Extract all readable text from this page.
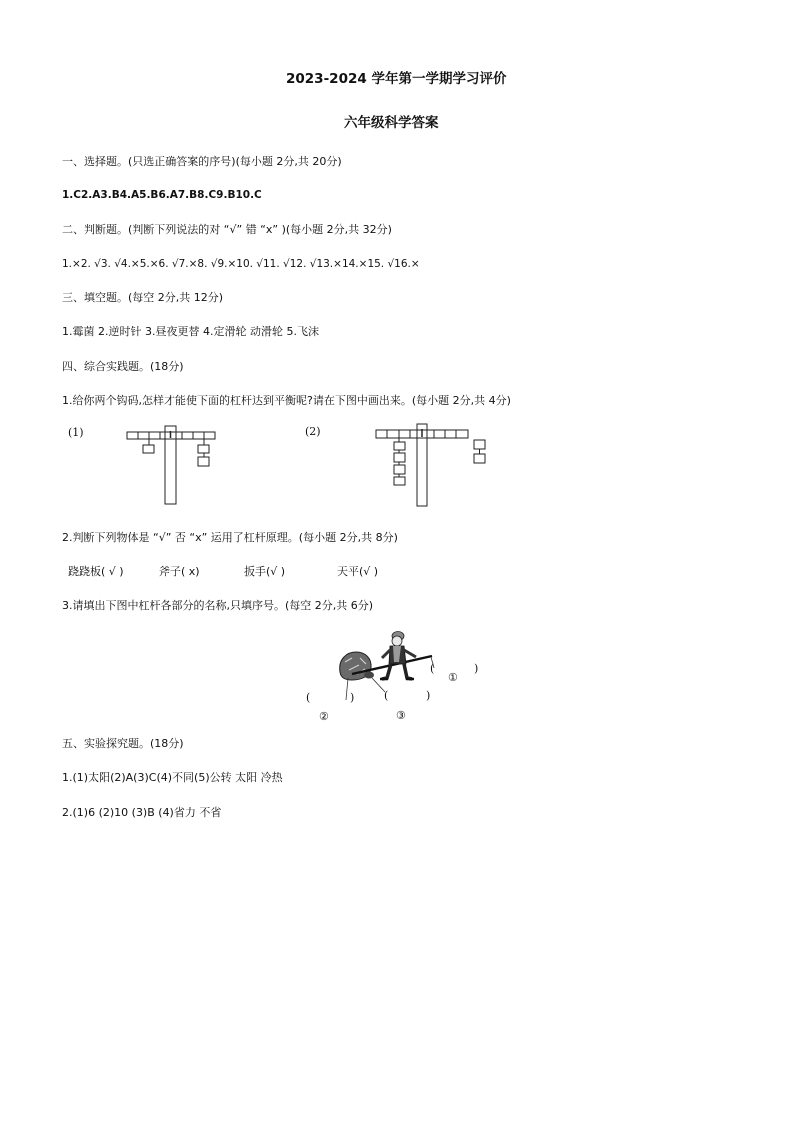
2023-2024 学年第一学期学习评价
六年级科学答案
一、选择题。(只选正确答案的序号)(每小题 2分,共 20分)
1.C2.A3.B4.A5.B6.A7.B8.C9.B10.C
二、判断题。(判断下列说法的对 “√” 错 “x” )(每小题 2分,共 32分)
1.×2. √3. √4.×5.×6. √7.×8. √9.×10. √11. √12. √13.×14.×15. √16.×
三、填空题。(每空 2分,共 12分)
1.霉菌 2.逆时针 3.昼夜更替 4.定滑轮 动滑轮 5.飞沫
四、综合实践题。(18分)
1.给你两个钩码,怎样才能使下面的杠杆达到平衡呢?请在下图中画出来。(每小题 2分,共 4分)
(1)	(2)
2.判断下列物体是 “√” 否 “x” 运用了杠杆原理。(每小题 2分,共 8分)
跷跷板( √ )	斧子( x)	扳手(√ )	天平(√ )
3.请填出下图中杠杆各部分的名称,只填序号。(每空 2分,共 6分)
(
①
)
(	)
②
(	)
③
五、实验探究题。(18分)
1.(1)太阳(2)A(3)C(4)不同(5)公转 太阳 冷热
2.(1)6 (2)10 (3)B (4)省力 不省
